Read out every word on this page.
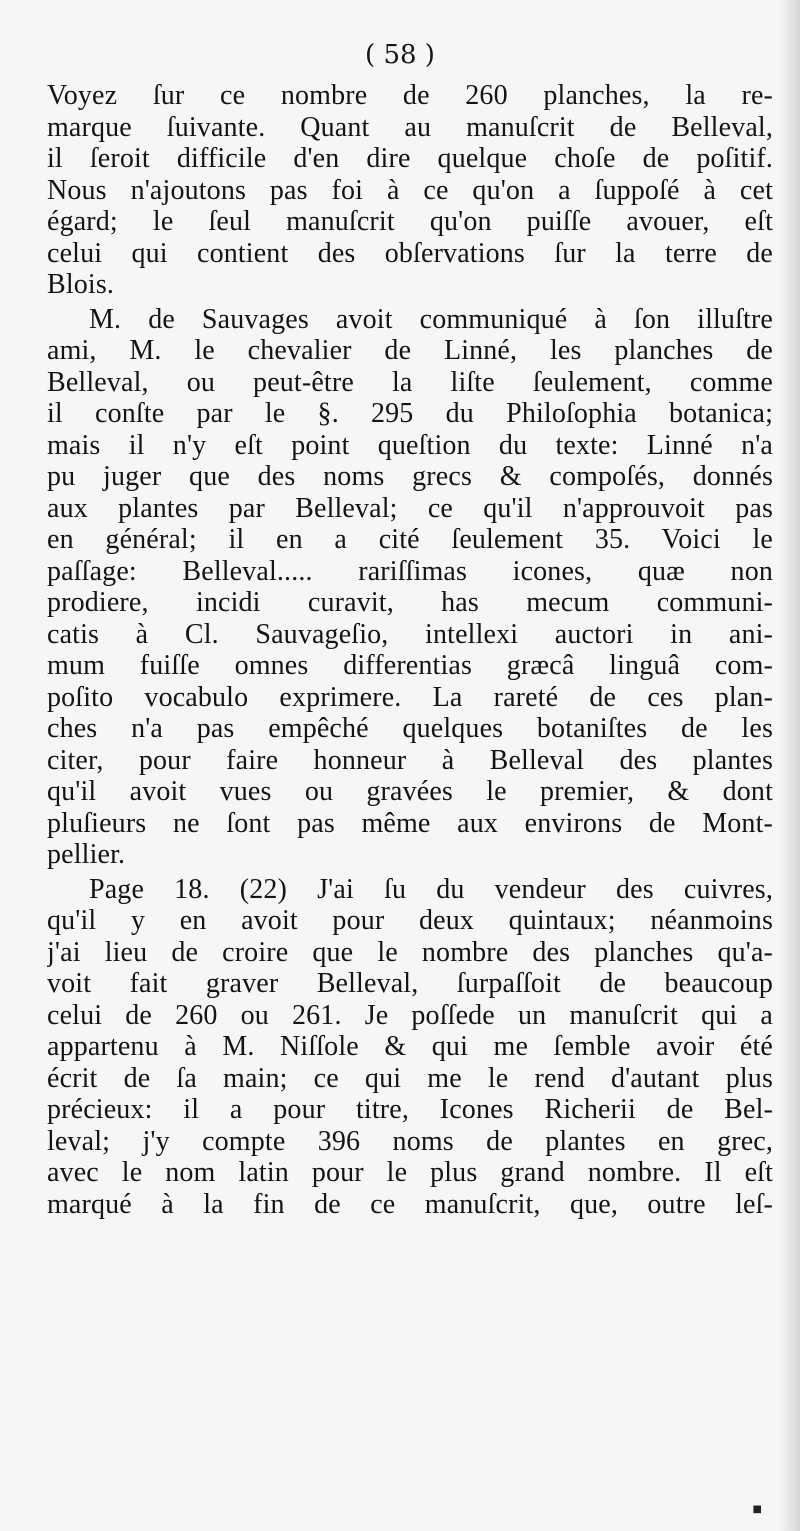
( 58 )

Voyez ſur ce nombre de 260 planches, la re-
marque ſuivante. Quant au manuſcrit de Belleval,
il ſeroit difficile d'en dire quelque choſe de poſitif.
Nous n'ajoutons pas foi à ce qu'on a ſuppoſé à cet
égard; le ſeul manuſcrit qu'on puiſſe avouer, eſt
celui qui contient des obſervations ſur la terre de
Blois.
M. de Sauvages avoit communiqué à ſon illuſtre
ami, M. le chevalier de Linné, les planches de
Belleval, ou peut-être la liſte ſeulement, comme
il conſte par le §. 295 du Philoſophia botanica;
mais il n'y eſt point queſtion du texte: Linné n'a
pu juger que des noms grecs & compoſés, donnés
aux plantes par Belleval; ce qu'il n'approuvoit pas
en général; il en a cité ſeulement 35. Voici le
paſſage: Belleval..... rariſſimas icones, quæ non
prodiere, incidi curavit, has mecum communi-
catis à Cl. Sauvageſio, intellexi auctori in ani-
mum fuiſſe omnes differentias græcâ linguâ com-
poſito vocabulo exprimere. La rareté de ces plan-
ches n'a pas empêché quelques botaniſtes de les
citer, pour faire honneur à Belleval des plantes
qu'il avoit vues ou gravées le premier, & dont
pluſieurs ne ſont pas même aux environs de Mont-
pellier.
Page 18. (22) J'ai ſu du vendeur des cuivres,
qu'il y en avoit pour deux quintaux; néanmoins
j'ai lieu de croire que le nombre des planches qu'a-
voit fait graver Belleval, ſurpaſſoit de beaucoup
celui de 260 ou 261. Je poſſede un manuſcrit qui a
appartenu à M. Niſſole & qui me ſemble avoir été
écrit de ſa main; ce qui me le rend d'autant plus
précieux: il a pour titre, Icones Richerii de Bel-
leval; j'y compte 396 noms de plantes en grec,
avec le nom latin pour le plus grand nombre. Il eſt
marqué à la fin de ce manuſcrit, que, outre leſ-
■
